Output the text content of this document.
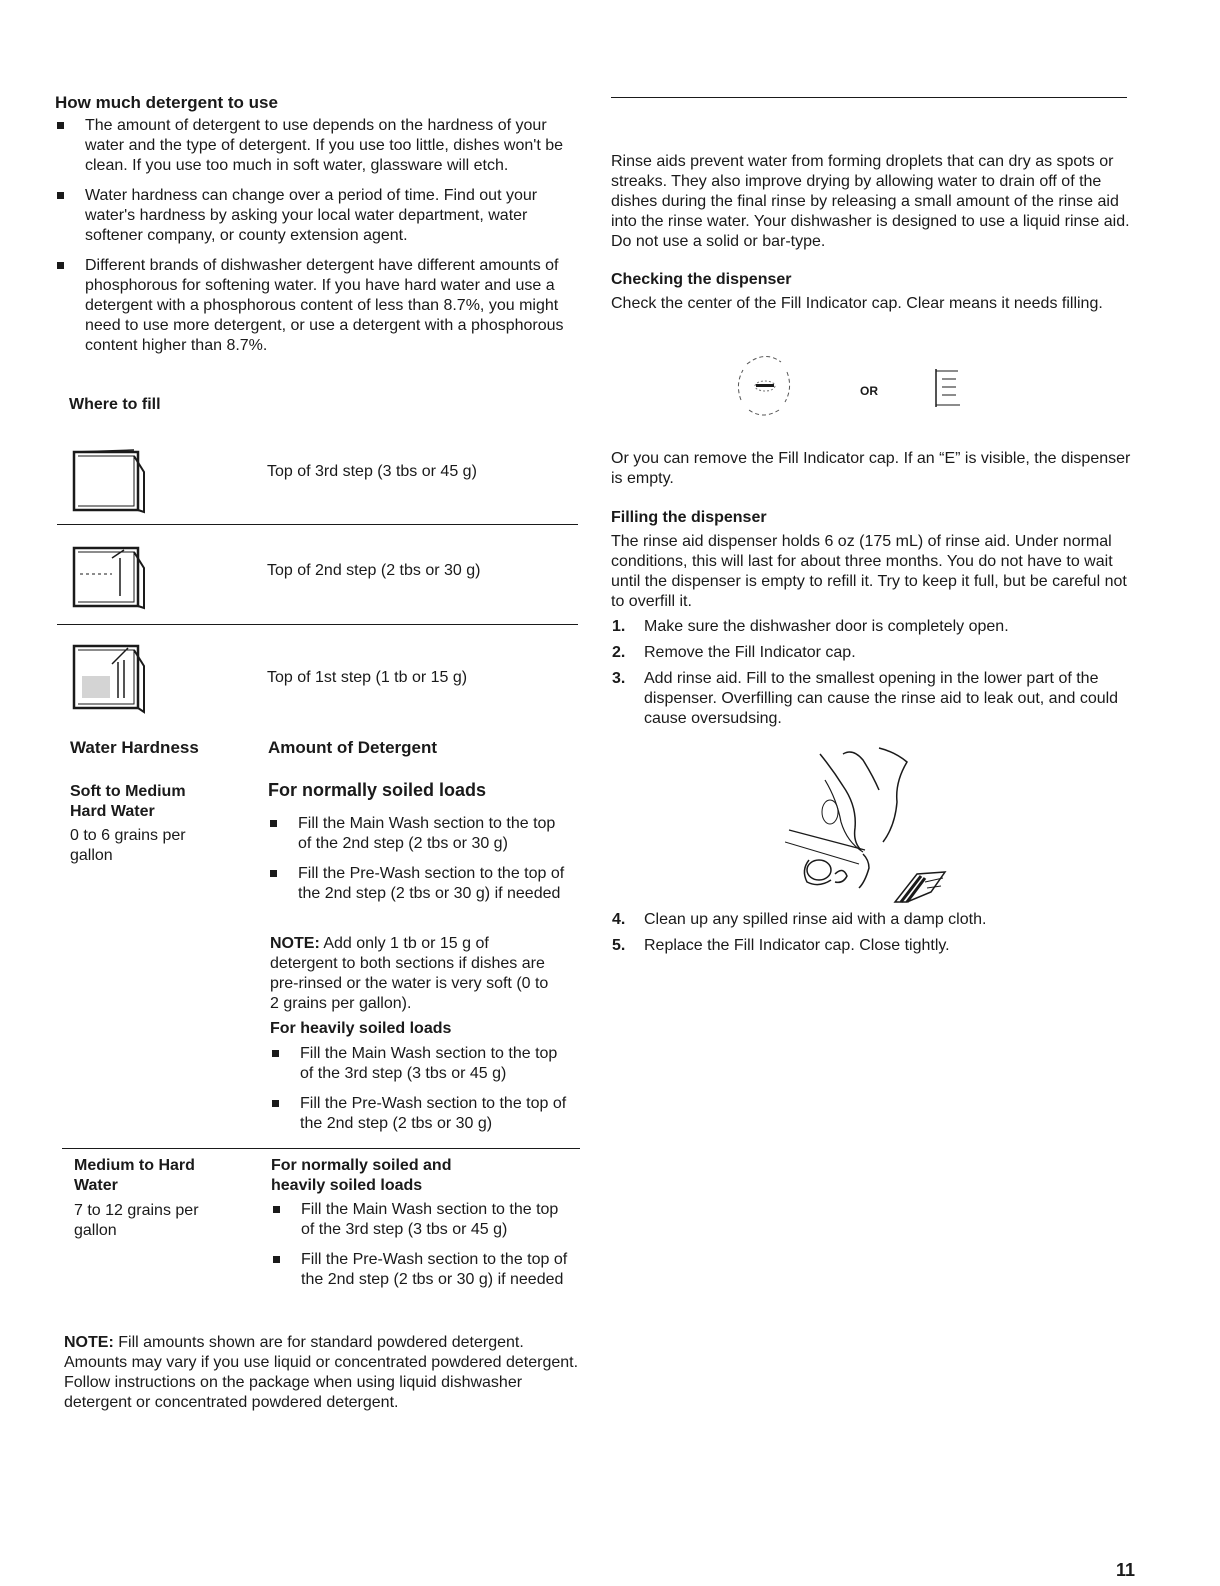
How much detergent to use
The amount of detergent to use depends on the hardness of your water and the type of detergent. If you use too little, dishes won't be clean. If you use too much in soft water, glassware will etch.
Water hardness can change over a period of time. Find out your water's hardness by asking your local water department, water softener company, or county extension agent.
Different brands of dishwasher detergent have different amounts of phosphorous for softening water. If you have hard water and use a detergent with a phosphorous content of less than 8.7%, you might need to use more detergent, or use a detergent with a phosphorous content higher than 8.7%.
Where to fill
Top of 3rd step (3 tbs or 45 g)
Top of 2nd step (2 tbs or 30 g)
Top of 1st step (1 tb or 15 g)
Water Hardness	Amount of Detergent

Soft to Medium Hard Water

0 to 6 grains per gallon

For normally soiled loads
Fill the Main Wash section to the top of the 2nd step (2 tbs or 30 g)
Fill the Pre-Wash section to the top of the 2nd step (2 tbs or 30 g) if needed

NOTE: Add only 1 tb or 15 g of detergent to both sections if dishes are pre-rinsed or the water is very soft (0 to 2 grains per gallon).

For heavily soiled loads
Fill the Main Wash section to the top of the 3rd step (3 tbs or 45 g)
Fill the Pre-Wash section to the top of the 2nd step (2 tbs or 30 g)

Medium to Hard Water

7 to 12 grains per gallon

For normally soiled and heavily soiled loads
Fill the Main Wash section to the top of the 3rd step (3 tbs or 45 g)
Fill the Pre-Wash section to the top of the 2nd step (2 tbs or 30 g) if needed

NOTE: Fill amounts shown are for standard powdered detergent. Amounts may vary if you use liquid or concentrated powdered detergent. Follow instructions on the package when using liquid dishwasher detergent or concentrated powdered detergent.

Rinse aids prevent water from forming droplets that can dry as spots or streaks. They also improve drying by allowing water to drain off of the dishes during the final rinse by releasing a small amount of the rinse aid into the rinse water. Your dishwasher is designed to use a liquid rinse aid. Do not use a solid or bar-type.

Checking the dispenser

Check the center of the Fill Indicator cap. Clear means it needs filling.

OR

Or you can remove the Fill Indicator cap. If an “E” is visible, the dispenser is empty.

Filling the dispenser

The rinse aid dispenser holds 6 oz (175 mL) of rinse aid. Under normal conditions, this will last for about three months. You do not have to wait until the dispenser is empty to refill it. Try to keep it full, but be careful not to overfill it.

1. Make sure the dishwasher door is completely open.
2. Remove the Fill Indicator cap.
3. Add rinse aid. Fill to the smallest opening in the lower part of the dispenser. Overfilling can cause the rinse aid to leak out, and could cause oversudsing.
4. Clean up any spilled rinse aid with a damp cloth.
5. Replace the Fill Indicator cap. Close tightly.
11
